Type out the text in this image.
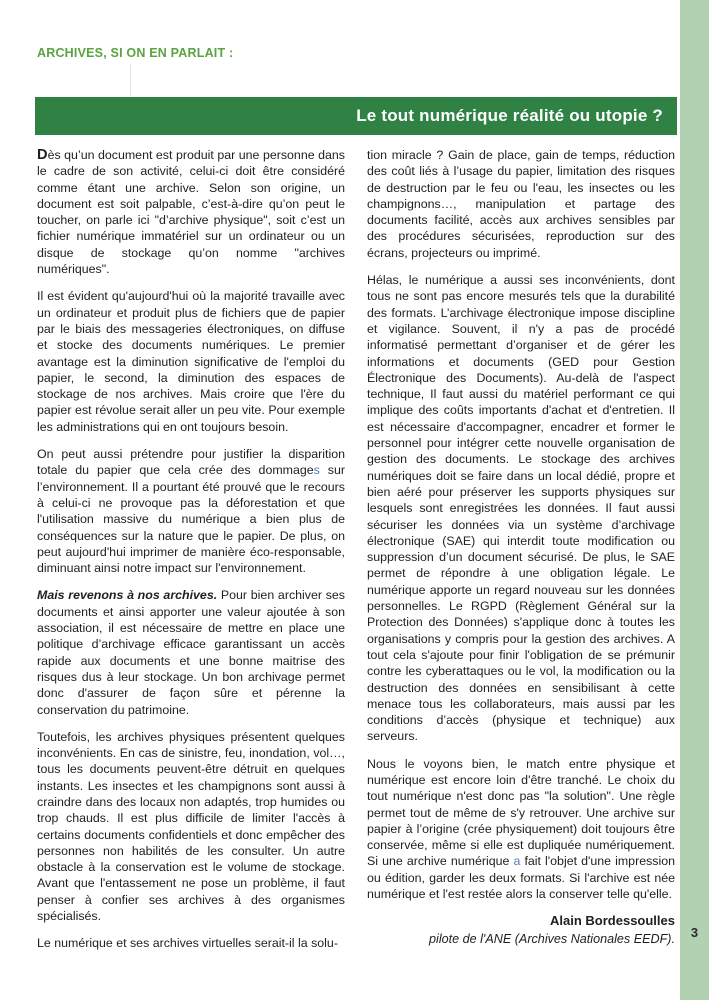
3
ARCHIVES, SI ON EN PARLAIT :
Le tout numérique réalité ou utopie ?

Dès qu’un document est produit par une personne dans le cadre de son activité, celui-ci doit être considéré comme étant une archive. Selon son origine, un document est soit palpable, c’est-à-dire qu’on peut le toucher, on parle ici "d’archive physique", soit c’est un fichier numérique immatériel sur un ordinateur ou un disque de stockage qu’on nomme "archives numériques".

Il est évident qu'aujourd'hui où la majorité travaille avec un ordinateur et produit plus de fichiers que de papier par le biais des messageries électroniques, on diffuse et stocke des documents numériques. Le premier avantage est la diminution significative de l'emploi du papier, le second, la diminution des espaces de stockage de nos archives. Mais croire que l'ère du papier est révolue serait aller un peu vite. Pour exemple les administrations qui en ont toujours besoin.

On peut aussi prétendre pour justifier la disparition totale du papier que cela crée des dommages sur l’environnement. Il a pourtant été prouvé que le recours à celui-ci ne provoque pas la déforestation et que l'utilisation massive du numérique a bien plus de conséquences sur la nature que le papier. De plus, on peut aujourd'hui imprimer de manière éco-responsable, diminuant ainsi notre impact sur l'environnement.

Mais revenons à nos archives. Pour bien archiver ses documents et ainsi apporter une valeur ajoutée à son association, il est nécessaire de mettre en place une politique d’archivage efficace garantissant un accès rapide aux documents et une bonne maitrise des risques dus à leur stockage. Un bon archivage permet donc d'assurer de façon sûre et pérenne la conservation du patrimoine.

Toutefois, les archives physiques présentent quelques inconvénients. En cas de sinistre, feu, inondation, vol…, tous les documents peuvent-être détruit en quelques instants. Les insectes et les champignons sont aussi à craindre dans des locaux non adaptés, trop humides ou trop chauds. Il est plus difficile de limiter l'accès à certains documents confidentiels et donc empêcher des personnes non habilités de les consulter. Un autre obstacle à la conservation est le volume de stockage. Avant que l'entassement ne pose un problème, il faut penser à confier ses archives à des organismes spécialisés.

Le numérique et ses archives virtuelles serait-il la solu-

tion miracle ? Gain de place, gain de temps, réduction des coût liés à l’usage du papier, limitation des risques de destruction par le feu ou l'eau, les insectes ou les champignons…, manipulation et partage des documents facilité, accès aux archives sensibles par des procédures sécurisées, reproduction sur des écrans, projecteurs ou imprimé.

Hélas, le numérique a aussi ses inconvénients, dont tous ne sont pas encore mesurés tels que la durabilité des formats. L’archivage électronique impose discipline et vigilance. Souvent, il n'y a pas de procédé informatisé permettant d’organiser et de gérer les informations et documents (GED pour Gestion Électronique des Documents). Au-delà de l'aspect technique, Il faut aussi du matériel performant ce qui implique des coûts importants d'achat et d'entretien. Il est nécessaire d'accompagner, encadrer et former le personnel pour intégrer cette nouvelle organisation de gestion des documents. Le stockage des archives numériques doit se faire dans un local dédié, propre et bien aéré pour préserver les supports physiques sur lesquels sont enregistrées les données. Il faut aussi sécuriser les données via un système d’archivage électronique (SAE) qui interdit toute modification ou suppression d’un document sécurisé. De plus, le SAE permet de répondre à une obligation légale. Le numérique apporte un regard nouveau sur les données personnelles. Le RGPD (Règlement Général sur la Protection des Données) s'applique donc à toutes les organisations y compris pour la gestion des archives. A tout cela s'ajoute pour finir l'obligation de se prémunir contre les cyberattaques ou le vol, la modification ou la destruction des données en sensibilisant à cette menace tous les collaborateurs, mais aussi par les conditions d’accès (physique et technique) aux serveurs.

Nous le voyons bien, le match entre physique et numérique est encore loin d'être tranché. Le choix du tout numérique n'est donc pas "la solution". Une règle permet tout de même de s'y retrouver. Une archive sur papier à l’origine (crée physiquement) doit toujours être conservée, même si elle est dupliquée numériquement. Si une archive numérique a fait l'objet d'une impression ou édition, garder les deux formats. Si l'archive est née numérique et l'est restée alors la conserver telle qu'elle.

Alain Bordessoulles
pilote de l'ANE (Archives Nationales EEDF).
